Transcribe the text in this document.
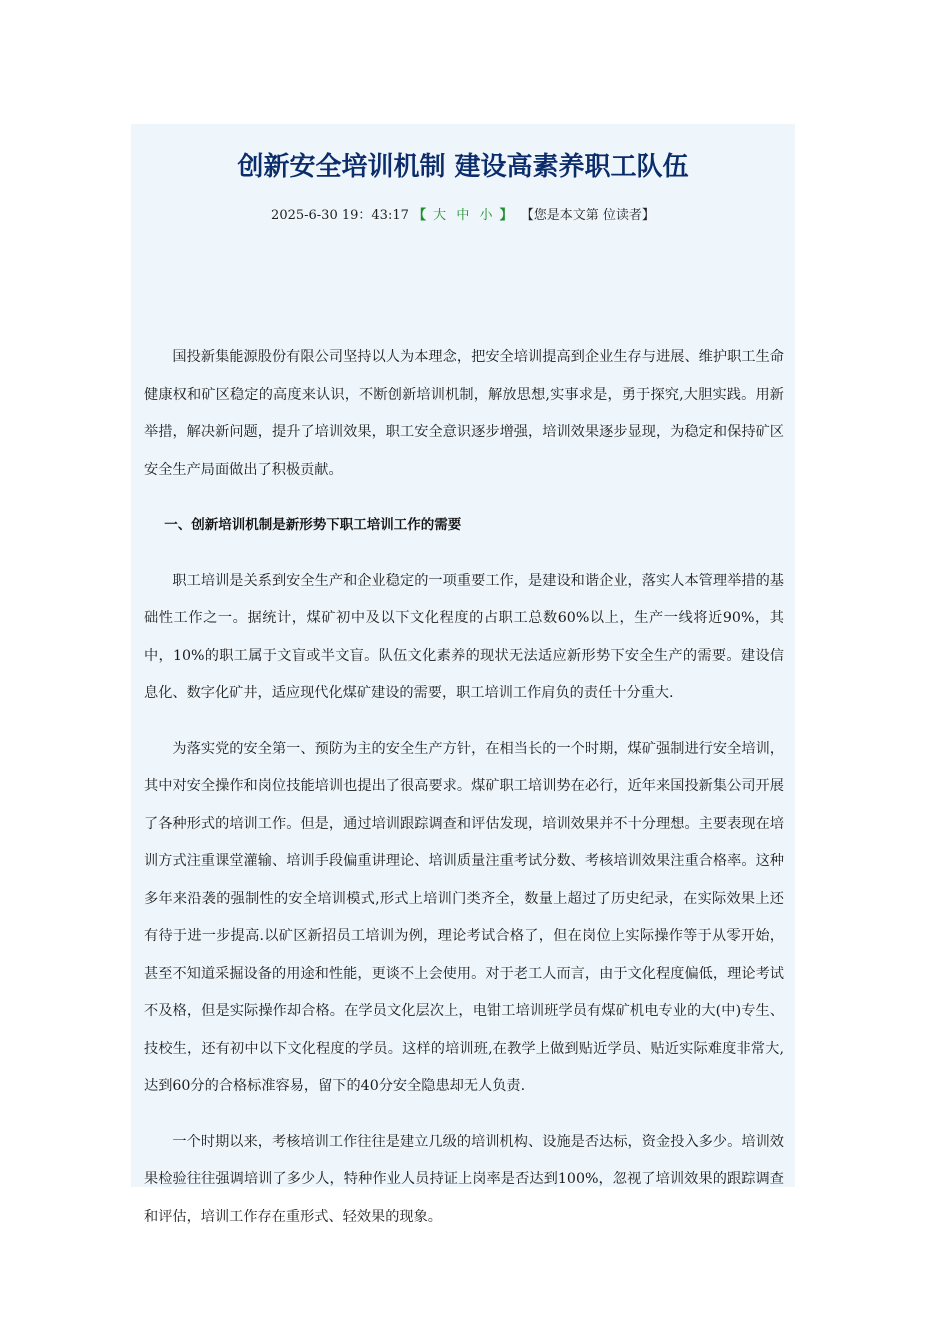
创新安全培训机制 建设高素养职工队伍
2025-6-30 19：43:17 【 大 中 小 】 【您是本文第 位读者】

国投新集能源股份有限公司坚持以人为本理念，把安全培训提高到企业生存与进展、维护职工生命健康权和矿区稳定的高度来认识，不断创新培训机制，解放思想,实事求是，勇于探究,大胆实践。用新举措，解决新问题，提升了培训效果，职工安全意识逐步增强，培训效果逐步显现，为稳定和保持矿区安全生产局面做出了积极贡献。

一、创新培训机制是新形势下职工培训工作的需要

职工培训是关系到安全生产和企业稳定的一项重要工作，是建设和谐企业，落实人本管理举措的基础性工作之一。据统计，煤矿初中及以下文化程度的占职工总数60%以上，生产一线将近90%，其中，10%的职工属于文盲或半文盲。队伍文化素养的现状无法适应新形势下安全生产的需要。建设信息化、数字化矿井，适应现代化煤矿建设的需要，职工培训工作肩负的责任十分重大.

为落实党的安全第一、预防为主的安全生产方针，在相当长的一个时期，煤矿强制进行安全培训，其中对安全操作和岗位技能培训也提出了很高要求。煤矿职工培训势在必行，近年来国投新集公司开展了各种形式的培训工作。但是，通过培训跟踪调查和评估发现，培训效果并不十分理想。主要表现在培训方式注重课堂灌输、培训手段偏重讲理论、培训质量注重考试分数、考核培训效果注重合格率。这种多年来沿袭的强制性的安全培训模式,形式上培训门类齐全，数量上超过了历史纪录，在实际效果上还有待于进一步提高.以矿区新招员工培训为例，理论考试合格了，但在岗位上实际操作等于从零开始，甚至不知道采掘设备的用途和性能，更谈不上会使用。对于老工人而言，由于文化程度偏低，理论考试不及格，但是实际操作却合格。在学员文化层次上，电钳工培训班学员有煤矿机电专业的大(中)专生、技校生，还有初中以下文化程度的学员。这样的培训班,在教学上做到贴近学员、贴近实际难度非常大,达到60分的合格标准容易，留下的40分安全隐患却无人负责.

一个时期以来，考核培训工作往往是建立几级的培训机构、设施是否达标，资金投入多少。培训效果检验往往强调培训了多少人，特种作业人员持证上岗率是否达到100%，忽视了培训效果的跟踪调查和评估，培训工作存在重形式、轻效果的现象。
